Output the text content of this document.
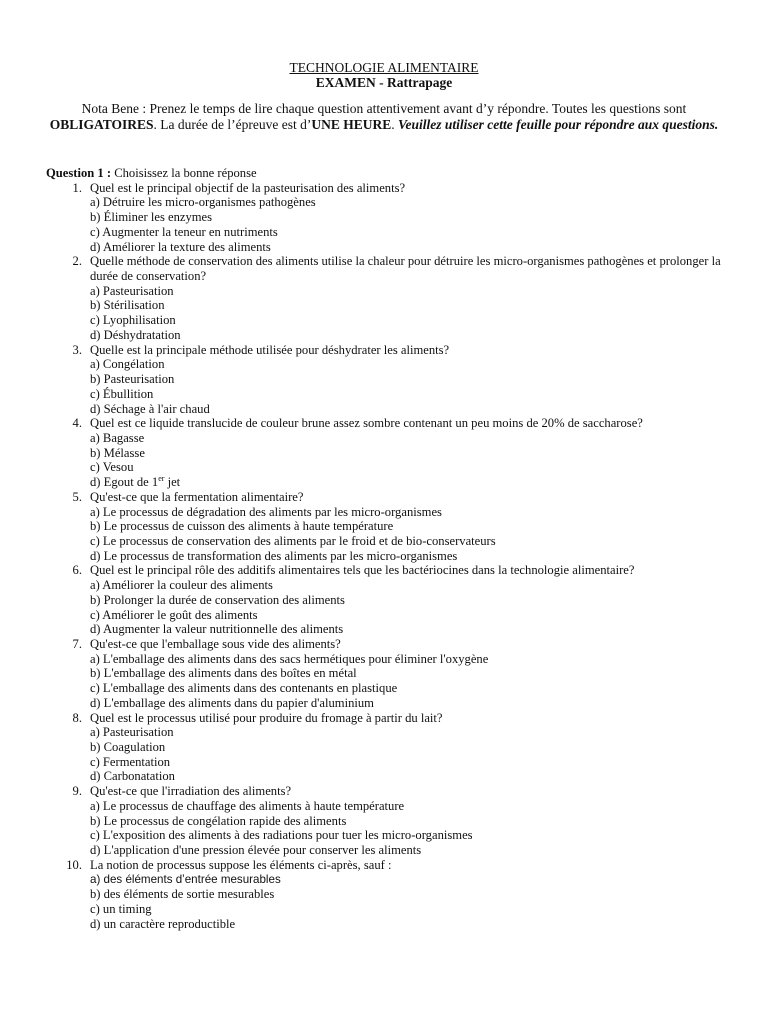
TECHNOLOGIE ALIMENTAIRE
EXAMEN - Rattrapage
Nota Bene : Prenez le temps de lire chaque question attentivement avant d’y répondre. Toutes les questions sont OBLIGATOIRES. La durée de l’épreuve est d’UNE HEURE. Veuillez utiliser cette feuille pour répondre aux questions.
Question 1 : Choisissez la bonne réponse
1. Quel est le principal objectif de la pasteurisation des aliments?
a) Détruire les micro-organismes pathogènes
b) Éliminer les enzymes
c) Augmenter la teneur en nutriments
d) Améliorer la texture des aliments
2. Quelle méthode de conservation des aliments utilise la chaleur pour détruire les micro-organismes pathogènes et prolonger la durée de conservation?
a) Pasteurisation
b) Stérilisation
c) Lyophilisation
d) Déshydratation
3. Quelle est la principale méthode utilisée pour déshydrater les aliments?
a) Congélation
b) Pasteurisation
c) Ébullition
d) Séchage à l'air chaud
4. Quel est ce liquide translucide de couleur brune assez sombre contenant un peu moins de 20% de saccharose?
a) Bagasse
b) Mélasse
c) Vesou
d) Egout de 1er jet
5. Qu'est-ce que la fermentation alimentaire?
a) Le processus de dégradation des aliments par les micro-organismes
b) Le processus de cuisson des aliments à haute température
c) Le processus de conservation des aliments par le froid et de bio-conservateurs
d) Le processus de transformation des aliments par les micro-organismes
6. Quel est le principal rôle des additifs alimentaires tels que les bactériocines dans la technologie alimentaire?
a) Améliorer la couleur des aliments
b) Prolonger la durée de conservation des aliments
c) Améliorer le goût des aliments
d) Augmenter la valeur nutritionnelle des aliments
7. Qu'est-ce que l'emballage sous vide des aliments?
a) L'emballage des aliments dans des sacs hermétiques pour éliminer l'oxygène
b) L'emballage des aliments dans des boîtes en métal
c) L'emballage des aliments dans des contenants en plastique
d) L'emballage des aliments dans du papier d'aluminium
8. Quel est le processus utilisé pour produire du fromage à partir du lait?
a) Pasteurisation
b) Coagulation
c) Fermentation
d) Carbonatation
9. Qu'est-ce que l'irradiation des aliments?
a) Le processus de chauffage des aliments à haute température
b) Le processus de congélation rapide des aliments
c) L'exposition des aliments à des radiations pour tuer les micro-organismes
d) L'application d'une pression élevée pour conserver les aliments
10. La notion de processus suppose les éléments ci-après, sauf :
a) des éléments d’entrée mesurables
b) des éléments de sortie mesurables
c) un timing
d) un caractère reproductible
